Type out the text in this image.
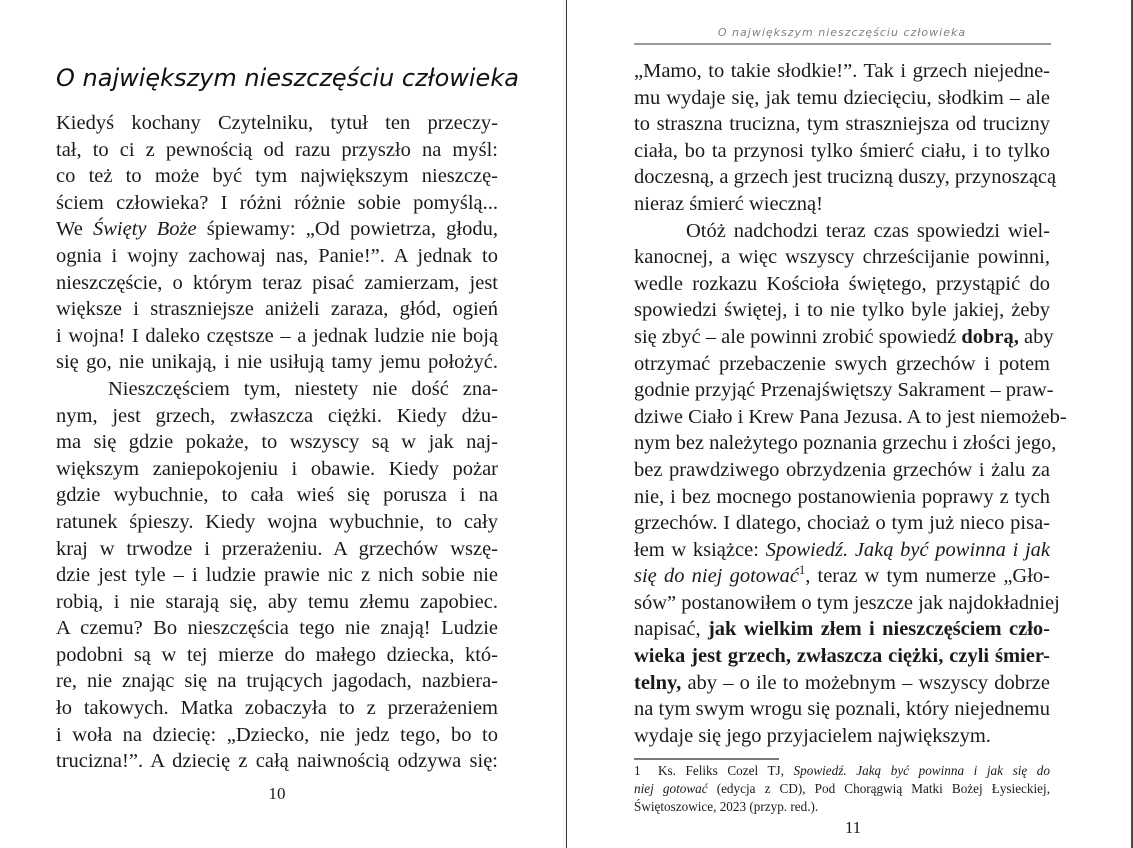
O największym nieszczęściu człowieka
Kiedyś kochany Czytelniku, tytuł ten przeczy-
tał, to ci z pewnością od razu przyszło na myśl:
co też to może być tym największym nieszczę-
ściem człowieka? I różni różnie sobie pomyślą...
We Święty Boże śpiewamy: „Od powietrza, głodu,
ognia i wojny zachowaj nas, Panie!”. A jednak to
nieszczęście, o którym teraz pisać zamierzam, jest
większe i straszniejsze aniżeli zaraza, głód, ogień
i wojna! I daleko częstsze – a jednak ludzie nie boją
się go, nie unikają, i nie usiłują tamy jemu położyć.
Nieszczęściem tym, niestety nie dość zna-
nym, jest grzech, zwłaszcza ciężki. Kiedy dżu-
ma się gdzie pokaże, to wszyscy są w jak naj-
większym zaniepokojeniu i obawie. Kiedy pożar
gdzie wybuchnie, to cała wieś się porusza i na
ratunek śpieszy. Kiedy wojna wybuchnie, to cały
kraj w trwodze i przerażeniu. A grzechów wszę-
dzie jest tyle – i ludzie prawie nic z nich sobie nie
robią, i nie starają się, aby temu złemu zapobiec.
A czemu? Bo nieszczęścia tego nie znają! Ludzie
podobni są w tej mierze do małego dziecka, któ-
re, nie znając się na trujących jagodach, nazbiera-
ło takowych. Matka zobaczyła to z przerażeniem
i woła na dziecię: „Dziecko, nie jedz tego, bo to
trucizna!”. A dziecię z całą naiwnością odzywa się:
10
O największym nieszczęściu człowieka
„Mamo, to takie słodkie!”. Tak i grzech niejedne-
mu wydaje się, jak temu dziecięciu, słodkim – ale
to straszna trucizna, tym straszniejsza od trucizny
ciała, bo ta przynosi tylko śmierć ciału, i to tylko
doczesną, a grzech jest trucizną duszy, przynoszącą
nieraz śmierć wieczną!
Otóż nadchodzi teraz czas spowiedzi wiel-
kanocnej, a więc wszyscy chrześcijanie powinni,
wedle rozkazu Kościoła świętego, przystąpić do
spowiedzi świętej, i to nie tylko byle jakiej, żeby
się zbyć – ale powinni zrobić spowiedź dobrą, aby
otrzymać przebaczenie swych grzechów i potem
godnie przyjąć Przenajświętszy Sakrament – praw-
dziwe Ciało i Krew Pana Jezusa. A to jest niemożeb-
nym bez należytego poznania grzechu i złości jego,
bez prawdziwego obrzydzenia grzechów i żalu za
nie, i bez mocnego postanowienia poprawy z tych
grzechów. I dlatego, chociaż o tym już nieco pisa-
łem w książce: Spowiedź. Jaką być powinna i jak
się do niej gotować$^1$, teraz w tym numerze „Gło-
sów” postanowiłem o tym jeszcze jak najdokładniej
napisać, jak wielkim złem i nieszczęściem czło-
wieka jest grzech, zwłaszcza ciężki, czyli śmier-
telny, aby – o ile to możebnym – wszyscy dobrze
na tym swym wrogu się poznali, który niejednemu
wydaje się jego przyjacielem największym.
1 Ks. Feliks Cozel TJ, Spowiedź. Jaką być powinna i jak się do
niej gotować (edycja z CD), Pod Chorągwią Matki Bożej Łysieckiej,
Świętoszowice, 2023 (przyp. red.).
11
